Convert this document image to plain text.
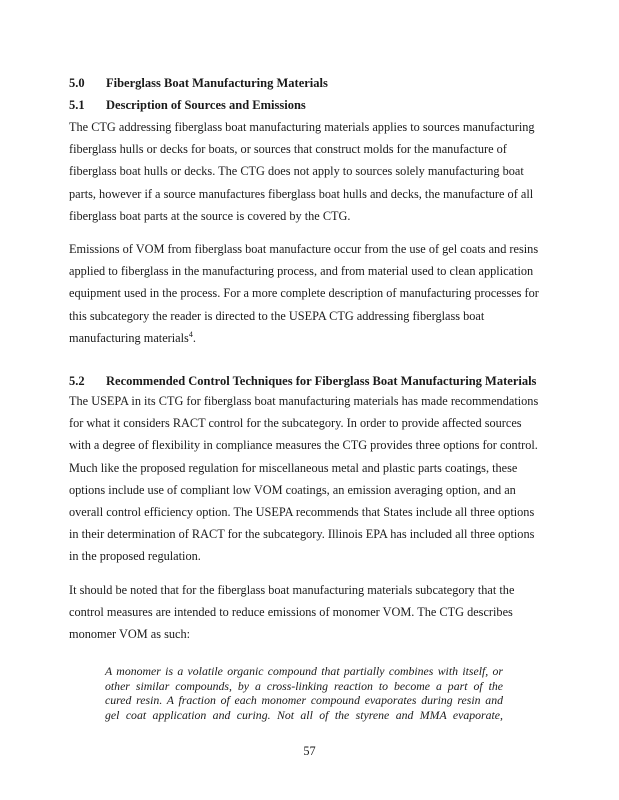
5.0 Fiberglass Boat Manufacturing Materials
5.1 Description of Sources and Emissions

The CTG addressing fiberglass boat manufacturing materials applies to sources manufacturing
fiberglass hulls or decks for boats, or sources that construct molds for the manufacture of
fiberglass boat hulls or decks. The CTG does not apply to sources solely manufacturing boat
parts, however if a source manufactures fiberglass boat hulls and decks, the manufacture of all
fiberglass boat parts at the source is covered by the CTG.

Emissions of VOM from fiberglass boat manufacture occur from the use of gel coats and resins
applied to fiberglass in the manufacturing process, and from material used to clean application
equipment used in the process. For a more complete description of manufacturing processes for
this subcategory the reader is directed to the USEPA CTG addressing fiberglass boat
manufacturing materials$^4$.

5.2 Recommended Control Techniques for Fiberglass Boat Manufacturing Materials

The USEPA in its CTG for fiberglass boat manufacturing materials has made recommendations
for what it considers RACT control for the subcategory. In order to provide affected sources
with a degree of flexibility in compliance measures the CTG provides three options for control.
Much like the proposed regulation for miscellaneous metal and plastic parts coatings, these
options include use of compliant low VOM coatings, an emission averaging option, and an
overall control efficiency option. The USEPA recommends that States include all three options
in their determination of RACT for the subcategory. Illinois EPA has included all three options
in the proposed regulation.

It should be noted that for the fiberglass boat manufacturing materials subcategory that the
control measures are intended to reduce emissions of monomer VOM. The CTG describes
monomer VOM as such:

A monomer is a volatile organic compound that partially combines with itself, or
other similar compounds, by a cross-linking reaction to become a part of the
cured resin. A fraction of each monomer compound evaporates during resin and
gel coat application and curing. Not all of the styrene and MMA evaporate,

57
